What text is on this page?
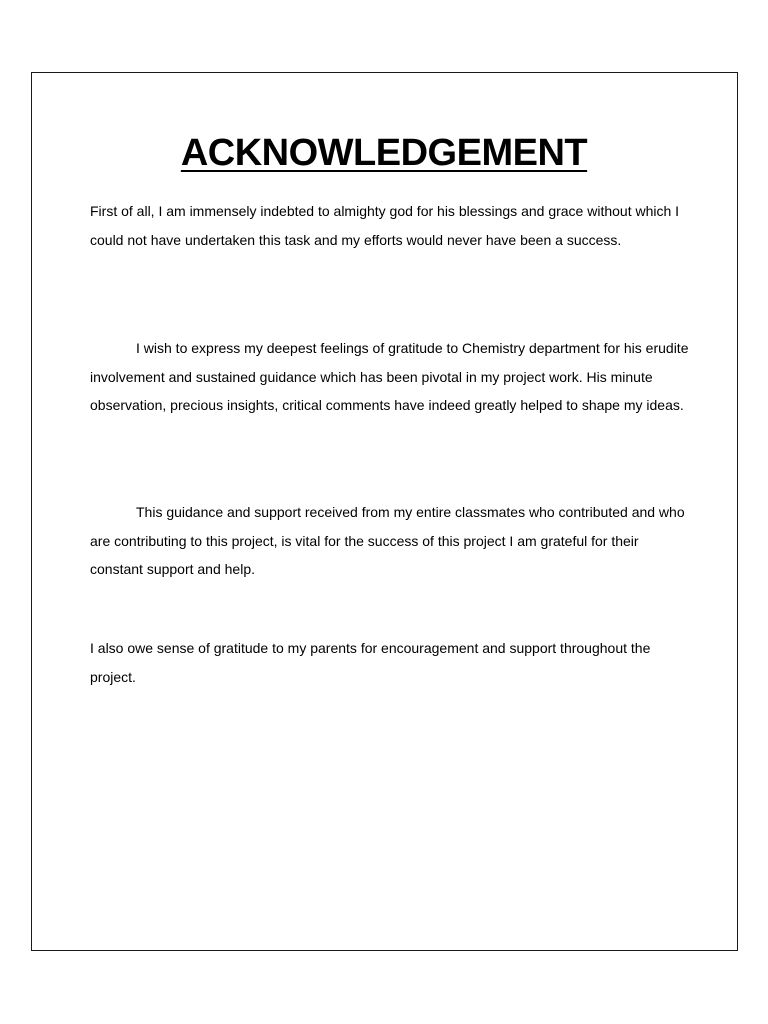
ACKNOWLEDGEMENT

First of all, I am immensely indebted to almighty god for his blessings and grace without which I could not have undertaken this task and my efforts would never have been a success.

I wish to express my deepest feelings of gratitude to Chemistry department for his erudite involvement and sustained guidance which has been pivotal in my project work. His minute observation, precious insights, critical comments have indeed greatly helped to shape my ideas.

This guidance and support received from my entire classmates who contributed and who are contributing to this project, is vital for the success of this project I am grateful for their constant support and help.

I also owe sense of gratitude to my parents for encouragement and support throughout the project.
